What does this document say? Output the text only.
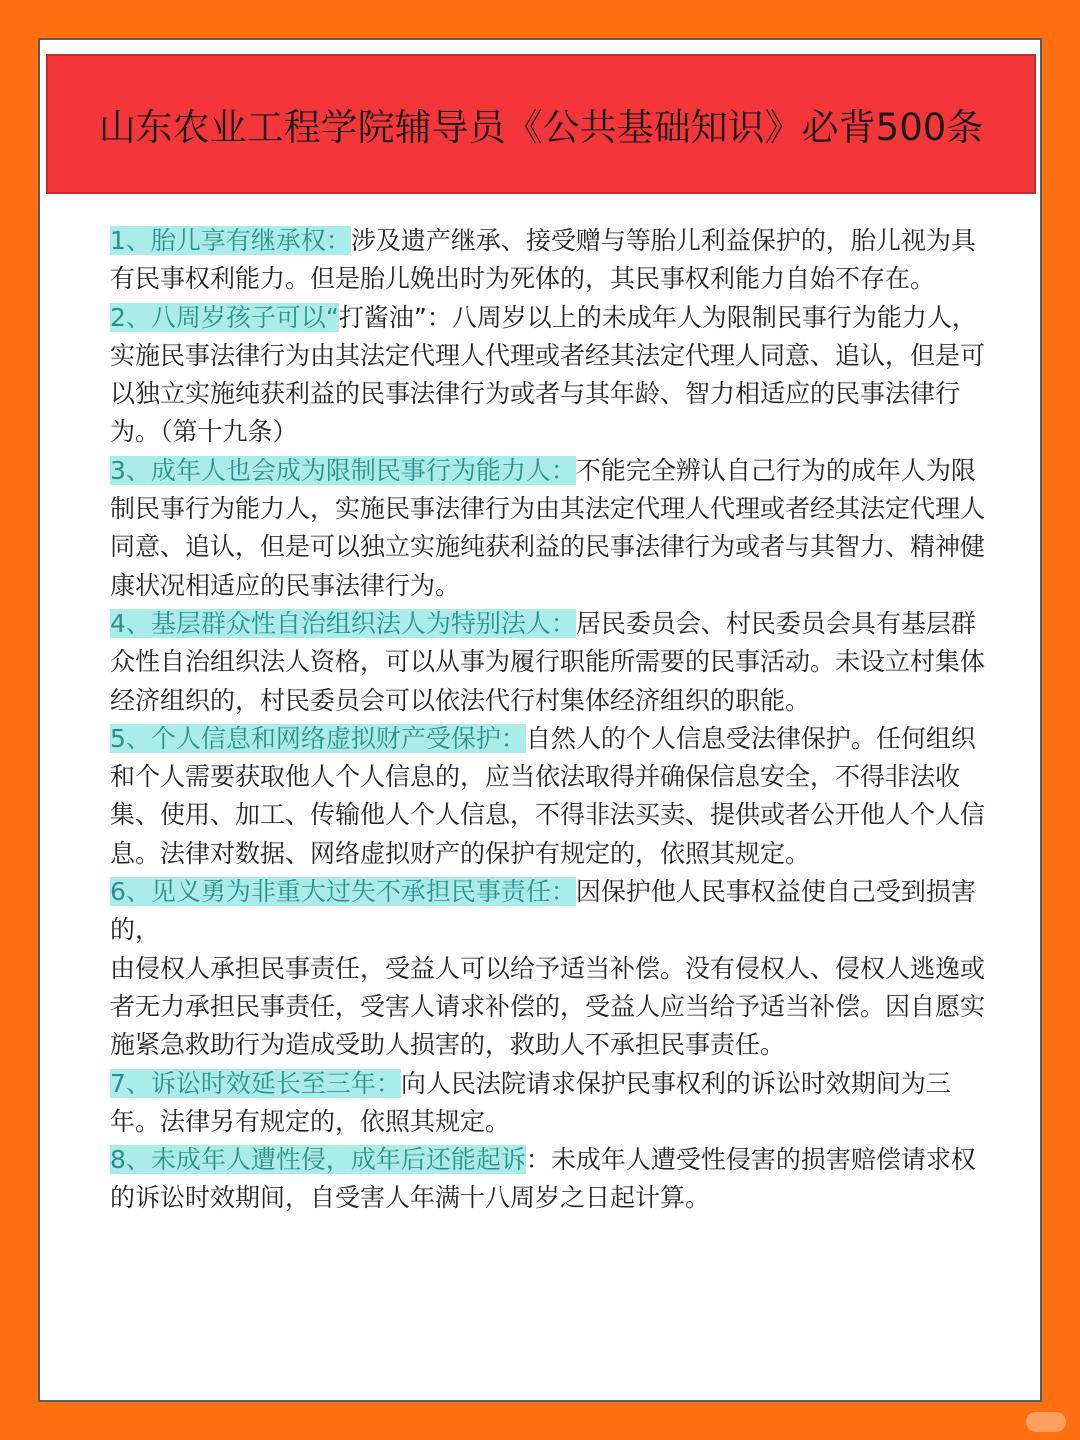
山东农业工程学院辅导员《公共基础知识》必背500条

1、胎儿享有继承权：涉及遗产继承、接受赠与等胎儿利益保护的，胎儿视为具有民事权利能力。但是胎儿娩出时为死体的，其民事权利能力自始不存在。

2、八周岁孩子可以“打酱油”：八周岁以上的未成年人为限制民事行为能力人，实施民事法律行为由其法定代理人代理或者经其法定代理人同意、追认，但是可以独立实施纯获利益的民事法律行为或者与其年龄、智力相适应的民事法律行为。（第十九条）

3、成年人也会成为限制民事行为能力人：不能完全辨认自己行为的成年人为限制民事行为能力人，实施民事法律行为由其法定代理人代理或者经其法定代理人同意、追认，但是可以独立实施纯获利益的民事法律行为或者与其智力、精神健康状况相适应的民事法律行为。

4、基层群众性自治组织法人为特别法人：居民委员会、村民委员会具有基层群众性自治组织法人资格，可以从事为履行职能所需要的民事活动。未设立村集体经济组织的，村民委员会可以依法代行村集体经济组织的职能。

5、个人信息和网络虚拟财产受保护：自然人的个人信息受法律保护。任何组织和个人需要获取他人个人信息的，应当依法取得并确保信息安全，不得非法收集、使用、加工、传输他人个人信息，不得非法买卖、提供或者公开他人个人信息。法律对数据、网络虚拟财产的保护有规定的，依照其规定。

6、见义勇为非重大过失不承担民事责任：因保护他人民事权益使自己受到损害的，
由侵权人承担民事责任，受益人可以给予适当补偿。没有侵权人、侵权人逃逸或者无力承担民事责任，受害人请求补偿的，受益人应当给予适当补偿。因自愿实施紧急救助行为造成受助人损害的，救助人不承担民事责任。

7、诉讼时效延长至三年：向人民法院请求保护民事权利的诉讼时效期间为三年。法律另有规定的，依照其规定。

8、未成年人遭性侵，成年后还能起诉：未成年人遭受性侵害的损害赔偿请求权的诉讼时效期间，自受害人年满十八周岁之日起计算。
